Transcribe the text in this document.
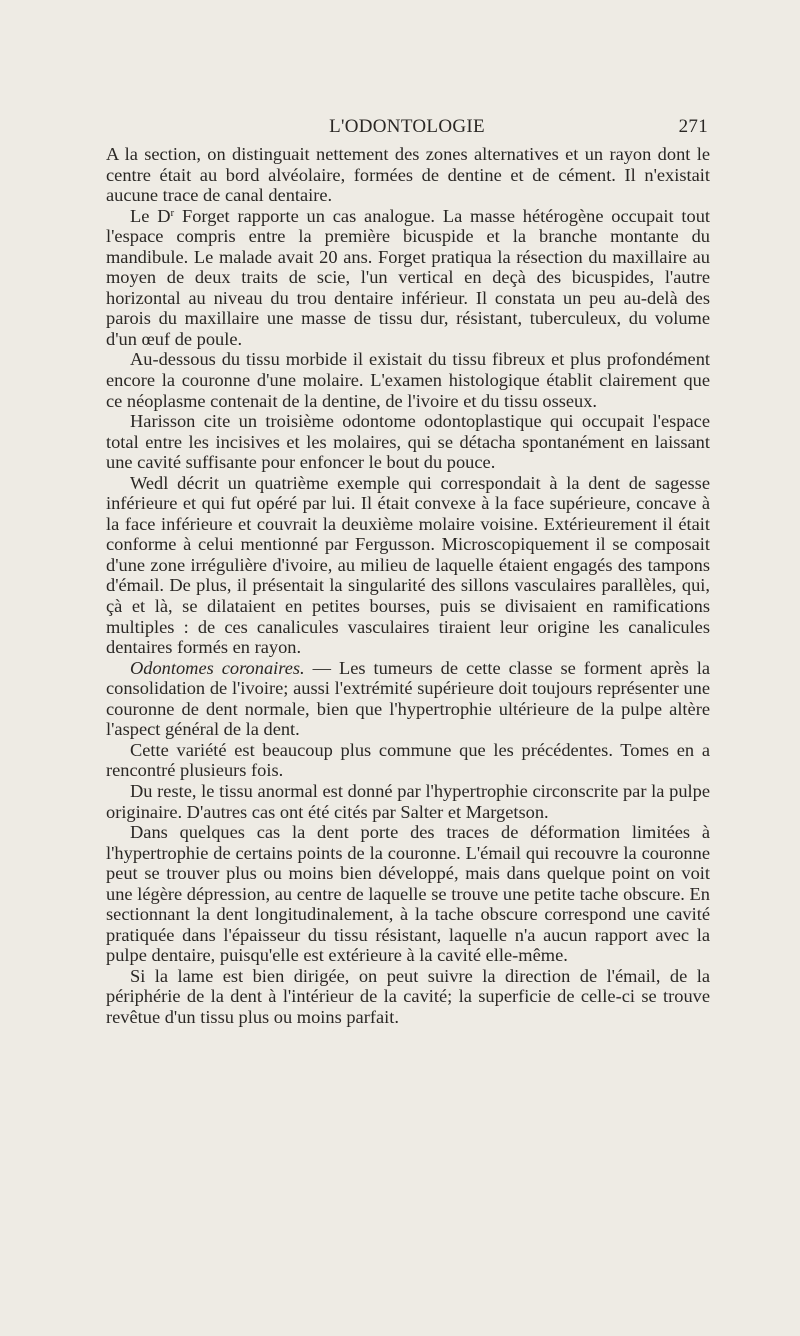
L'ODONTOLOGIE	271

A la section, on distinguait nettement des zones alternatives et un rayon dont le centre était au bord alvéolaire, formées de dentine et de cément. Il n'existait aucune trace de canal dentaire.

Le $D^r$ Forget rapporte un cas analogue. La masse hétérogène occupait tout l'espace compris entre la première bicuspide et la branche montante du mandibule. Le malade avait 20 ans. Forget pratiqua la résection du maxillaire au moyen de deux traits de scie, l'un vertical en deçà des bicuspides, l'autre horizontal au niveau du trou dentaire inférieur. Il constata un peu au-delà des parois du maxillaire une masse de tissu dur, résistant, tuberculeux, du volume d'un œuf de poule.

Au-dessous du tissu morbide il existait du tissu fibreux et plus profondément encore la couronne d'une molaire. L'examen histologique établit clairement que ce néoplasme contenait de la dentine, de l'ivoire et du tissu osseux.

Harisson cite un troisième odontome odontoplastique qui occupait l'espace total entre les incisives et les molaires, qui se détacha spontanément en laissant une cavité suffisante pour enfoncer le bout du pouce.

Wedl décrit un quatrième exemple qui correspondait à la dent de sagesse inférieure et qui fut opéré par lui. Il était convexe à la face supérieure, concave à la face inférieure et couvrait la deuxième molaire voisine. Extérieurement il était conforme à celui mentionné par Fergusson. Microscopiquement il se composait d'une zone irrégulière d'ivoire, au milieu de laquelle étaient engagés des tampons d'émail. De plus, il présentait la singularité des sillons vasculaires parallèles, qui, çà et là, se dilataient en petites bourses, puis se divisaient en ramifications multiples : de ces canalicules vasculaires tiraient leur origine les canalicules dentaires formés en rayon.

Odontomes coronaires. — Les tumeurs de cette classe se forment après la consolidation de l'ivoire; aussi l'extrémité supérieure doit toujours représenter une couronne de dent normale, bien que l'hypertrophie ultérieure de la pulpe altère l'aspect général de la dent.

Cette variété est beaucoup plus commune que les précédentes. Tomes en a rencontré plusieurs fois.

Du reste, le tissu anormal est donné par l'hypertrophie circonscrite par la pulpe originaire. D'autres cas ont été cités par Salter et Margetson.

Dans quelques cas la dent porte des traces de déformation limitées à l'hypertrophie de certains points de la couronne. L'émail qui recouvre la couronne peut se trouver plus ou moins bien développé, mais dans quelque point on voit une légère dépression, au centre de laquelle se trouve une petite tache obscure. En sectionnant la dent longitudinalement, à la tache obscure correspond une cavité pratiquée dans l'épaisseur du tissu résistant, laquelle n'a aucun rapport avec la pulpe dentaire, puisqu'elle est extérieure à la cavité elle-même.

Si la lame est bien dirigée, on peut suivre la direction de l'émail, de la périphérie de la dent à l'intérieur de la cavité; la superficie de celle-ci se trouve revêtue d'un tissu plus ou moins parfait.
